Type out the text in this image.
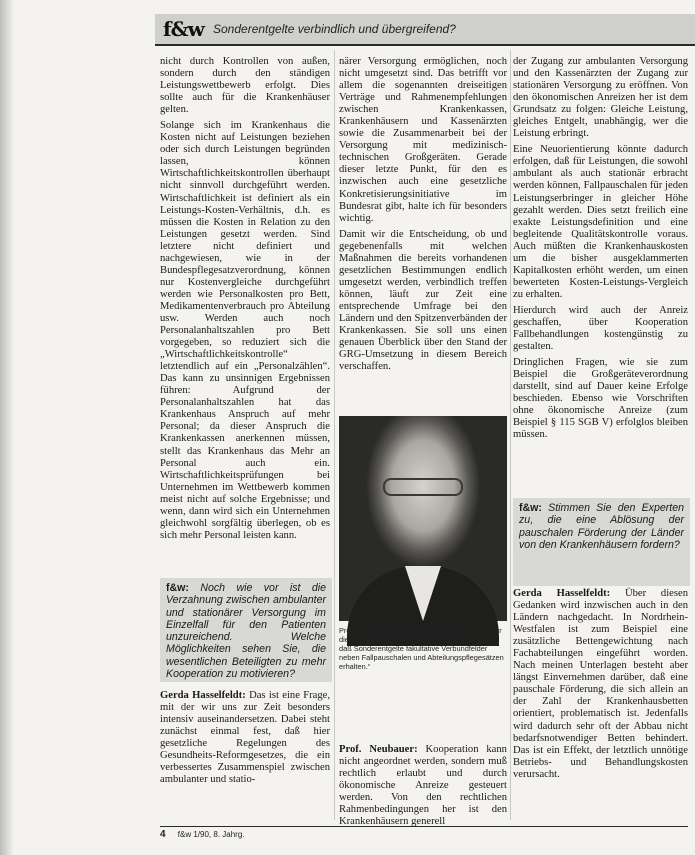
f&w Sonderentgelte verbindlich und übergreifend?

nicht durch Kontrollen von außen, sondern durch den ständigen Leistungswettbewerb erfolgt. Dies sollte auch für die Krankenhäuser gelten.

Solange sich im Krankenhaus die Kosten nicht auf Leistungen beziehen oder sich durch Leistungen begründen lassen, können Wirtschaftlichkeitskontrollen überhaupt nicht sinnvoll durchgeführt werden. Wirtschaftlichkeit ist definiert als ein Leistungs-Kosten-Verhältnis, d.h. es müssen die Kosten in Relation zu den Leistungen gesetzt werden. Sind letztere nicht definiert und nachgewiesen, wie in der Bundespflegesatzverordnung, können nur Kostenvergleiche durchgeführt werden wie Personalkosten pro Bett, Medikamentenverbrauch pro Abteilung usw. Werden auch noch Personalanhaltszahlen pro Bett vorgegeben, so reduziert sich die „Wirtschaftlichkeitskontrolle“ letztendlich auf ein „Personalzählen“. Das kann zu unsinnigen Ergebnissen führen: Aufgrund der Personalanhaltszahlen hat das Krankenhaus Anspruch auf mehr Personal; da dieser Anspruch die Krankenkassen anerkennen müssen, stellt das Krankenhaus das Mehr an Personal auch ein. Wirtschaftlichkeitsprüfungen bei Unternehmen im Wettbewerb kommen meist nicht auf solche Ergebnisse; und wenn, dann wird sich ein Unternehmen gleichwohl sorgfältig überlegen, ob es sich mehr Personal leisten kann.

f&w: Noch wie vor ist die Verzahnung zwischen ambulanter und stationärer Versorgung im Einzelfall für den Patienten unzureichend. Welche Möglichkeiten sehen Sie, die wesentlichen Beteiligten zu mehr Kooperation zu motivieren?
Gerda Hasselfeldt: Das ist eine Frage, mit der wir uns zur Zeit besonders intensiv auseinandersetzen. Dabei steht zunächst einmal fest, daß hier gesetzliche Regelungen des Gesundheits-Reformgesetzes, die ein verbessertes Zusammenspiel zwischen ambulanter und statio-

närer Versorgung ermöglichen, noch nicht umgesetzt sind. Das betrifft vor allem die sogenannten dreiseitigen Verträge und Rahmenempfehlungen zwischen Krankenkassen, Krankenhäusern und Kassenärzten sowie die Zusammenarbeit bei der Versorgung mit medizinisch-technischen Großgeräten. Gerade dieser letzte Punkt, für den es inzwischen auch eine gesetzliche Konkretisierungsinitiative im Bundesrat gibt, halte ich für besonders wichtig.

Damit wir die Entscheidung, ob und gegebenenfalls mit welchen Maßnahmen die bereits vorhandenen gesetzlichen Bestimmungen endlich umgesetzt werden, verbindlich treffen können, läuft zur Zeit eine entsprechende Umfrage bei den Ländern und den Spitzenverbänden der Krankenkassen. Sie soll uns einen genauen Überblick über den Stand der GRG-Umsetzung in diesem Bereich verschaffen.

Prof. Neubauer: „Allein vielfältigen Kompromiß für diese unbefriedigende Situation sehe ich darin, daß Sonderentgelte fakultative Verbundfelder neben Fallpauschalen und Abteilungspflegesätzen erhalten.“
Prof. Neubauer: Kooperation kann nicht angeordnet werden, sondern muß rechtlich erlaubt und durch ökonomische Anreize gesteuert werden. Von den rechtlichen Rahmenbedingungen her ist den Krankenhäusern generell

der Zugang zur ambulanten Versorgung und den Kassenärzten der Zugang zur stationären Versorgung zu eröffnen. Von den ökonomischen Anreizen her ist dem Grundsatz zu folgen: Gleiche Leistung, gleiches Entgelt, unabhängig, wer die Leistung erbringt.

Eine Neuorientierung könnte dadurch erfolgen, daß für Leistungen, die sowohl ambulant als auch stationär erbracht werden können, Fallpauschalen für jeden Leistungserbringer in gleicher Höhe gezahlt werden. Dies setzt freilich eine exakte Leistungsdefinition und eine begleitende Qualitätskontrolle voraus. Auch müßten die Krankenhauskosten um die bisher ausgeklammerten Kapitalkosten erhöht werden, um einen bewerteten Kosten-Leistungs-Vergleich zu erhalten.

Hierdurch wird auch der Anreiz geschaffen, über Kooperation Fallbehandlungen kostengünstig zu gestalten.

Dringlichen Fragen, wie sie zum Beispiel die Großgeräteverordnung darstellt, sind auf Dauer keine Erfolge beschieden. Ebenso wie Vorschriften ohne ökonomische Anreize (zum Beispiel § 115 SGB V) erfolglos bleiben müssen.

f&w: Stimmen Sie den Experten zu, die eine Ablösung der pauschalen Förderung der Länder von den Krankenhäusern fordern?

Gerda Hasselfeldt: Über diesen Gedanken wird inzwischen auch in den Ländern nachgedacht. In Nordrhein-Westfalen ist zum Beispiel eine zusätzliche Bettengewichtung nach Fachabteilungen eingeführt worden. Nach meinen Unterlagen besteht aber längst Einvernehmen darüber, daß eine pauschale Förderung, die sich allein an der Zahl der Krankenhausbetten orientiert, problematisch ist. Jedenfalls wird dadurch sehr oft der Abbau nicht bedarfsnotwendiger Betten behindert. Das ist ein Effekt, der letztlich unnötige Betriebs- und Behandlungskosten verursacht.

4 f&w 1/90, 8. Jahrg.
